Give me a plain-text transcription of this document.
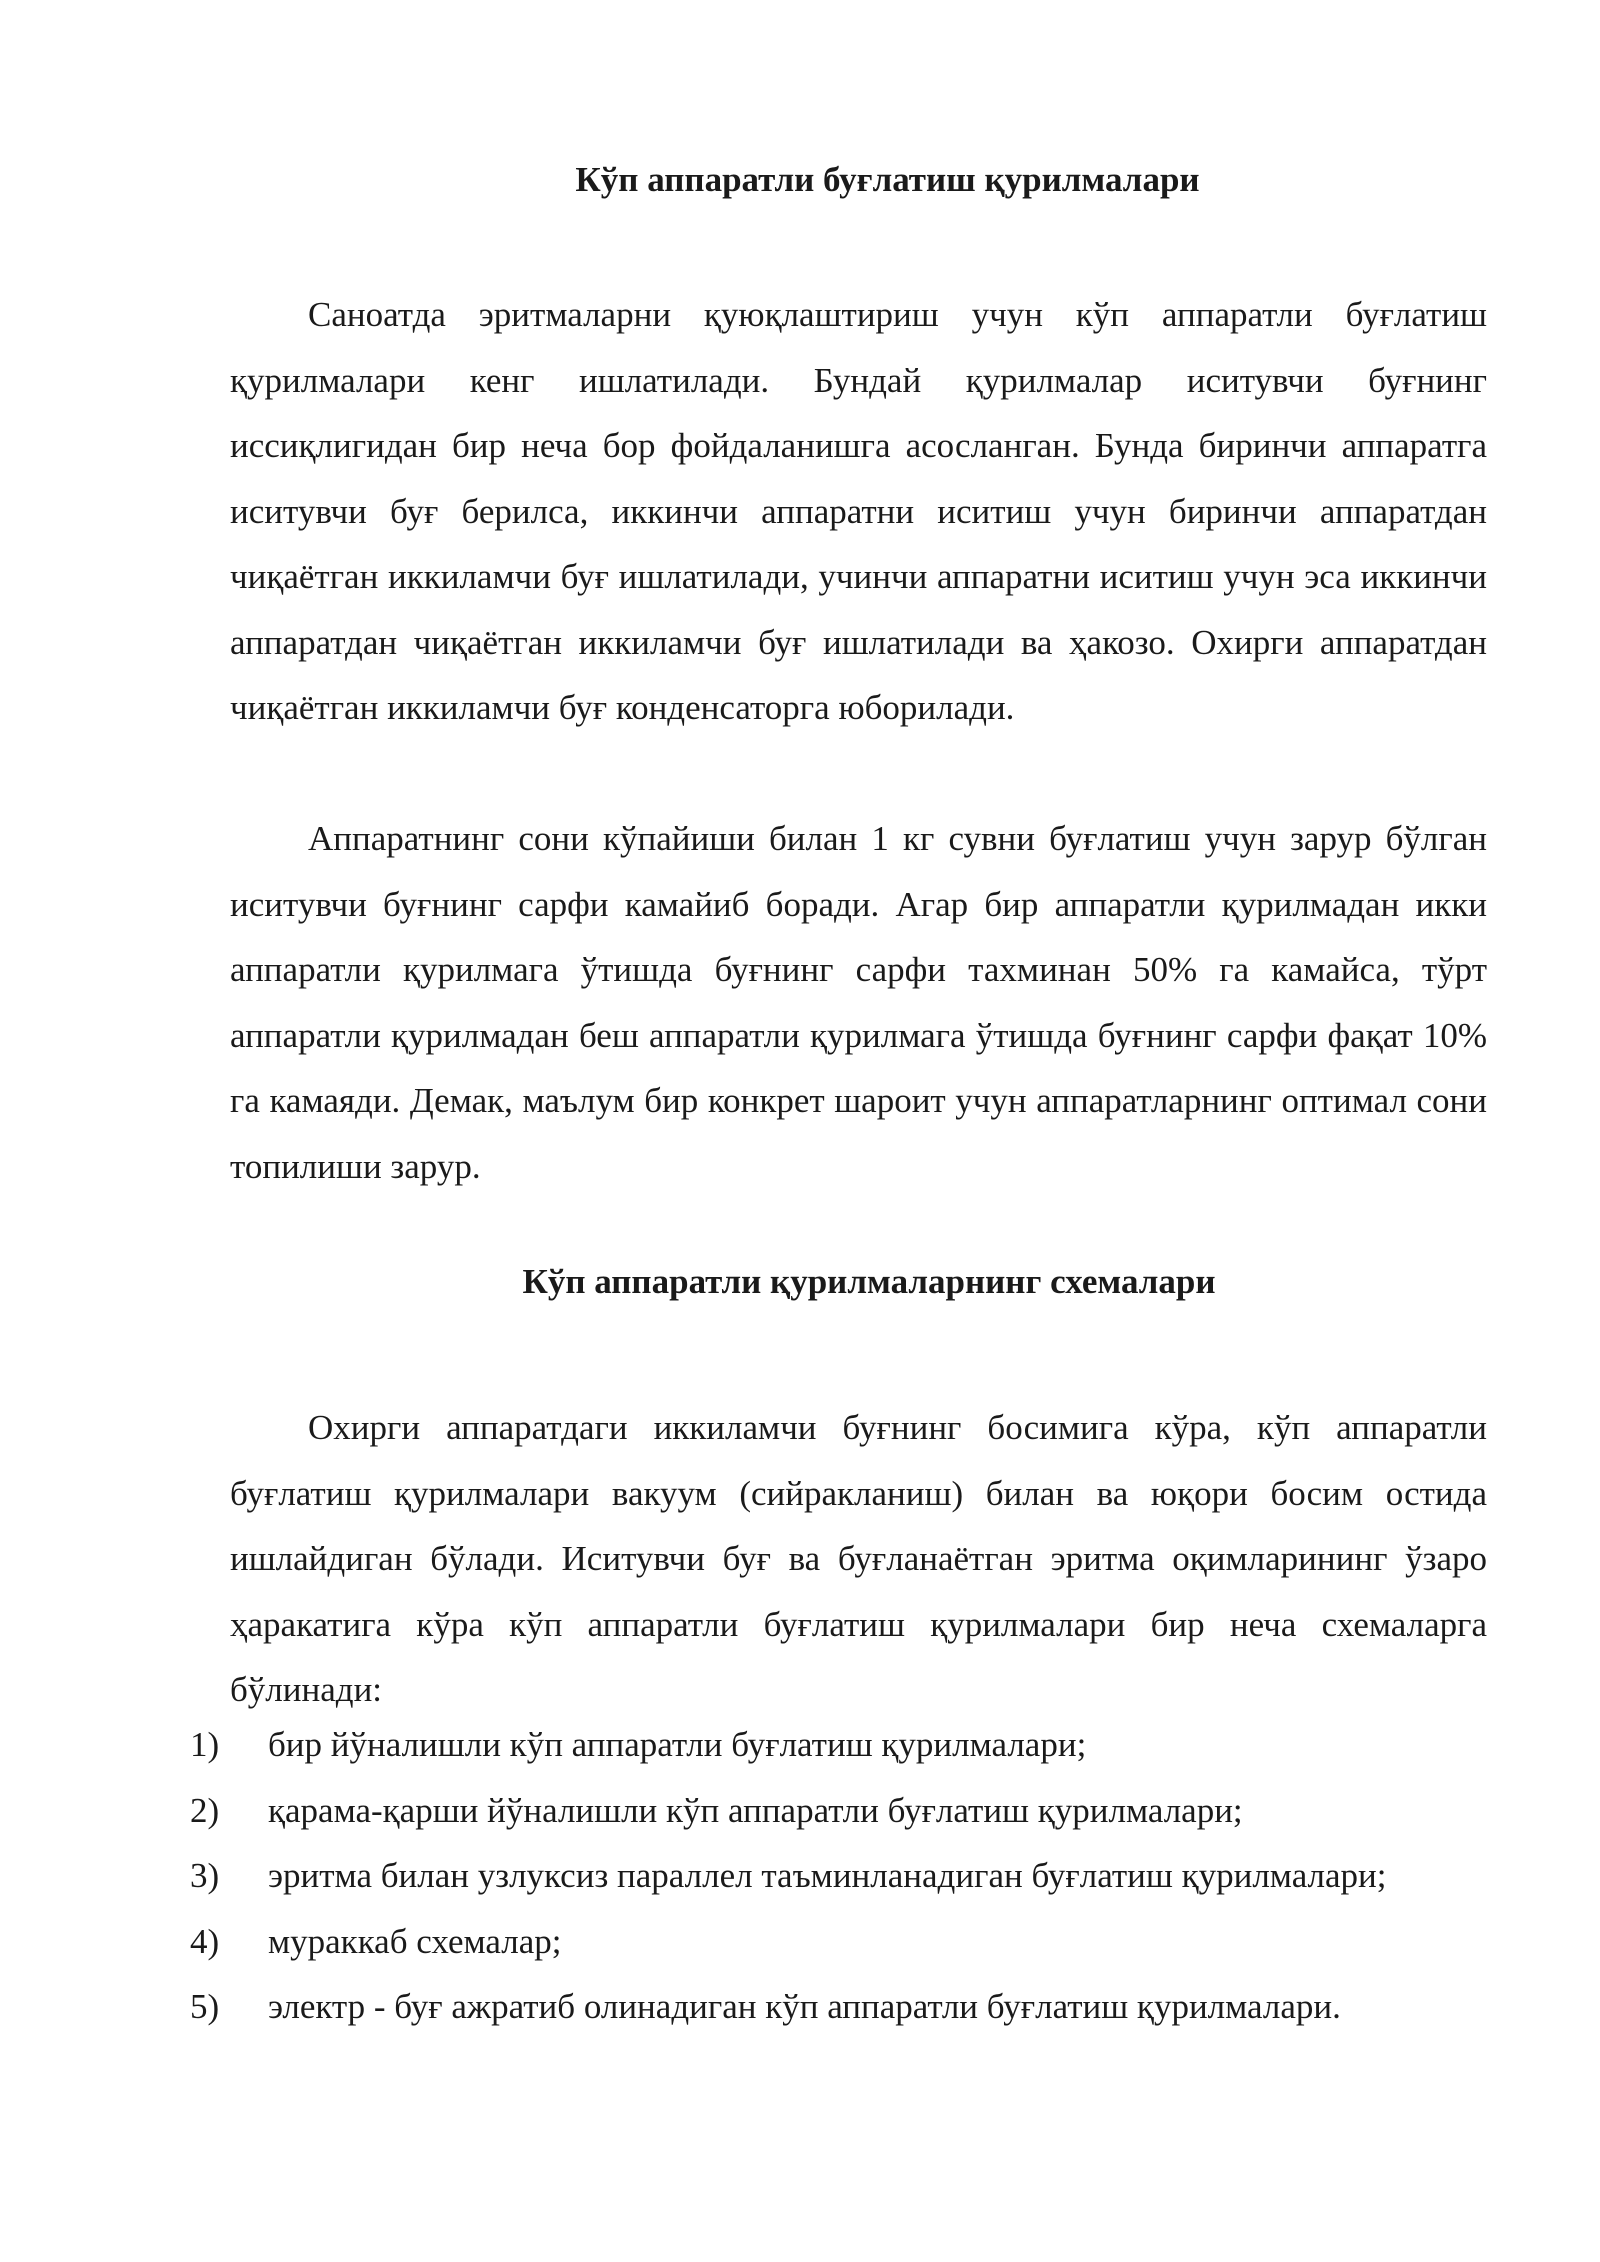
Кўп аппаратли буғлатиш қурилмалари

Саноатда эритмаларни қуюқлаштириш учун кўп аппаратли буғлатиш қурилмалари кенг ишлатилади. Бундай қурилмалар иситувчи буғнинг иссиқлигидан бир неча бор фойдаланишга асосланган. Бунда биринчи аппаратга иситувчи буғ берилса, иккинчи аппаратни иситиш учун биринчи аппаратдан чиқаётган иккиламчи буғ ишлатилади, учинчи аппаратни иситиш учун эса иккинчи аппаратдан чиқаётган иккиламчи буғ ишлатилади ва ҳакозо. Охирги аппаратдан чиқаётган иккиламчи буғ конденсаторга юборилади.

Аппаратнинг сони кўпайиши билан 1 кг сувни буғлатиш учун зарур бўлган иситувчи буғнинг сарфи камайиб боради. Агар бир аппаратли қурилмадан икки аппаратли қурилмага ўтишда буғнинг сарфи тахминан 50% га камайса, тўрт аппаратли қурилмадан беш аппаратли қурилмага ўтишда буғнинг сарфи фақат 10% га камаяди. Демак, маълум бир конкрет шароит учун аппаратларнинг оптимал сони топилиши зарур.

Кўп аппаратли қурилмаларнинг схемалари

Охирги аппаратдаги иккиламчи буғнинг босимига кўра, кўп аппаратли буғлатиш қурилмалари вакуум (сийракланиш) билан ва юқори босим остида ишлайдиган бўлади. Иситувчи буғ ва буғланаётган эритма оқимларининг ўзаро ҳаракатига кўра кўп аппаратли буғлатиш қурилмалари бир неча схемаларга бўлинади:

1) бир йўналишли кўп аппаратли буғлатиш қурилмалари;
2) қарама-қарши йўналишли кўп аппаратли буғлатиш қурилмалари;
3) эритма билан узлуксиз параллел таъминланадиган буғлатиш қурилмалари;
4) мураккаб схемалар;
5) электр - буғ ажратиб олинадиган кўп аппаратли буғлатиш қурилмалари.
